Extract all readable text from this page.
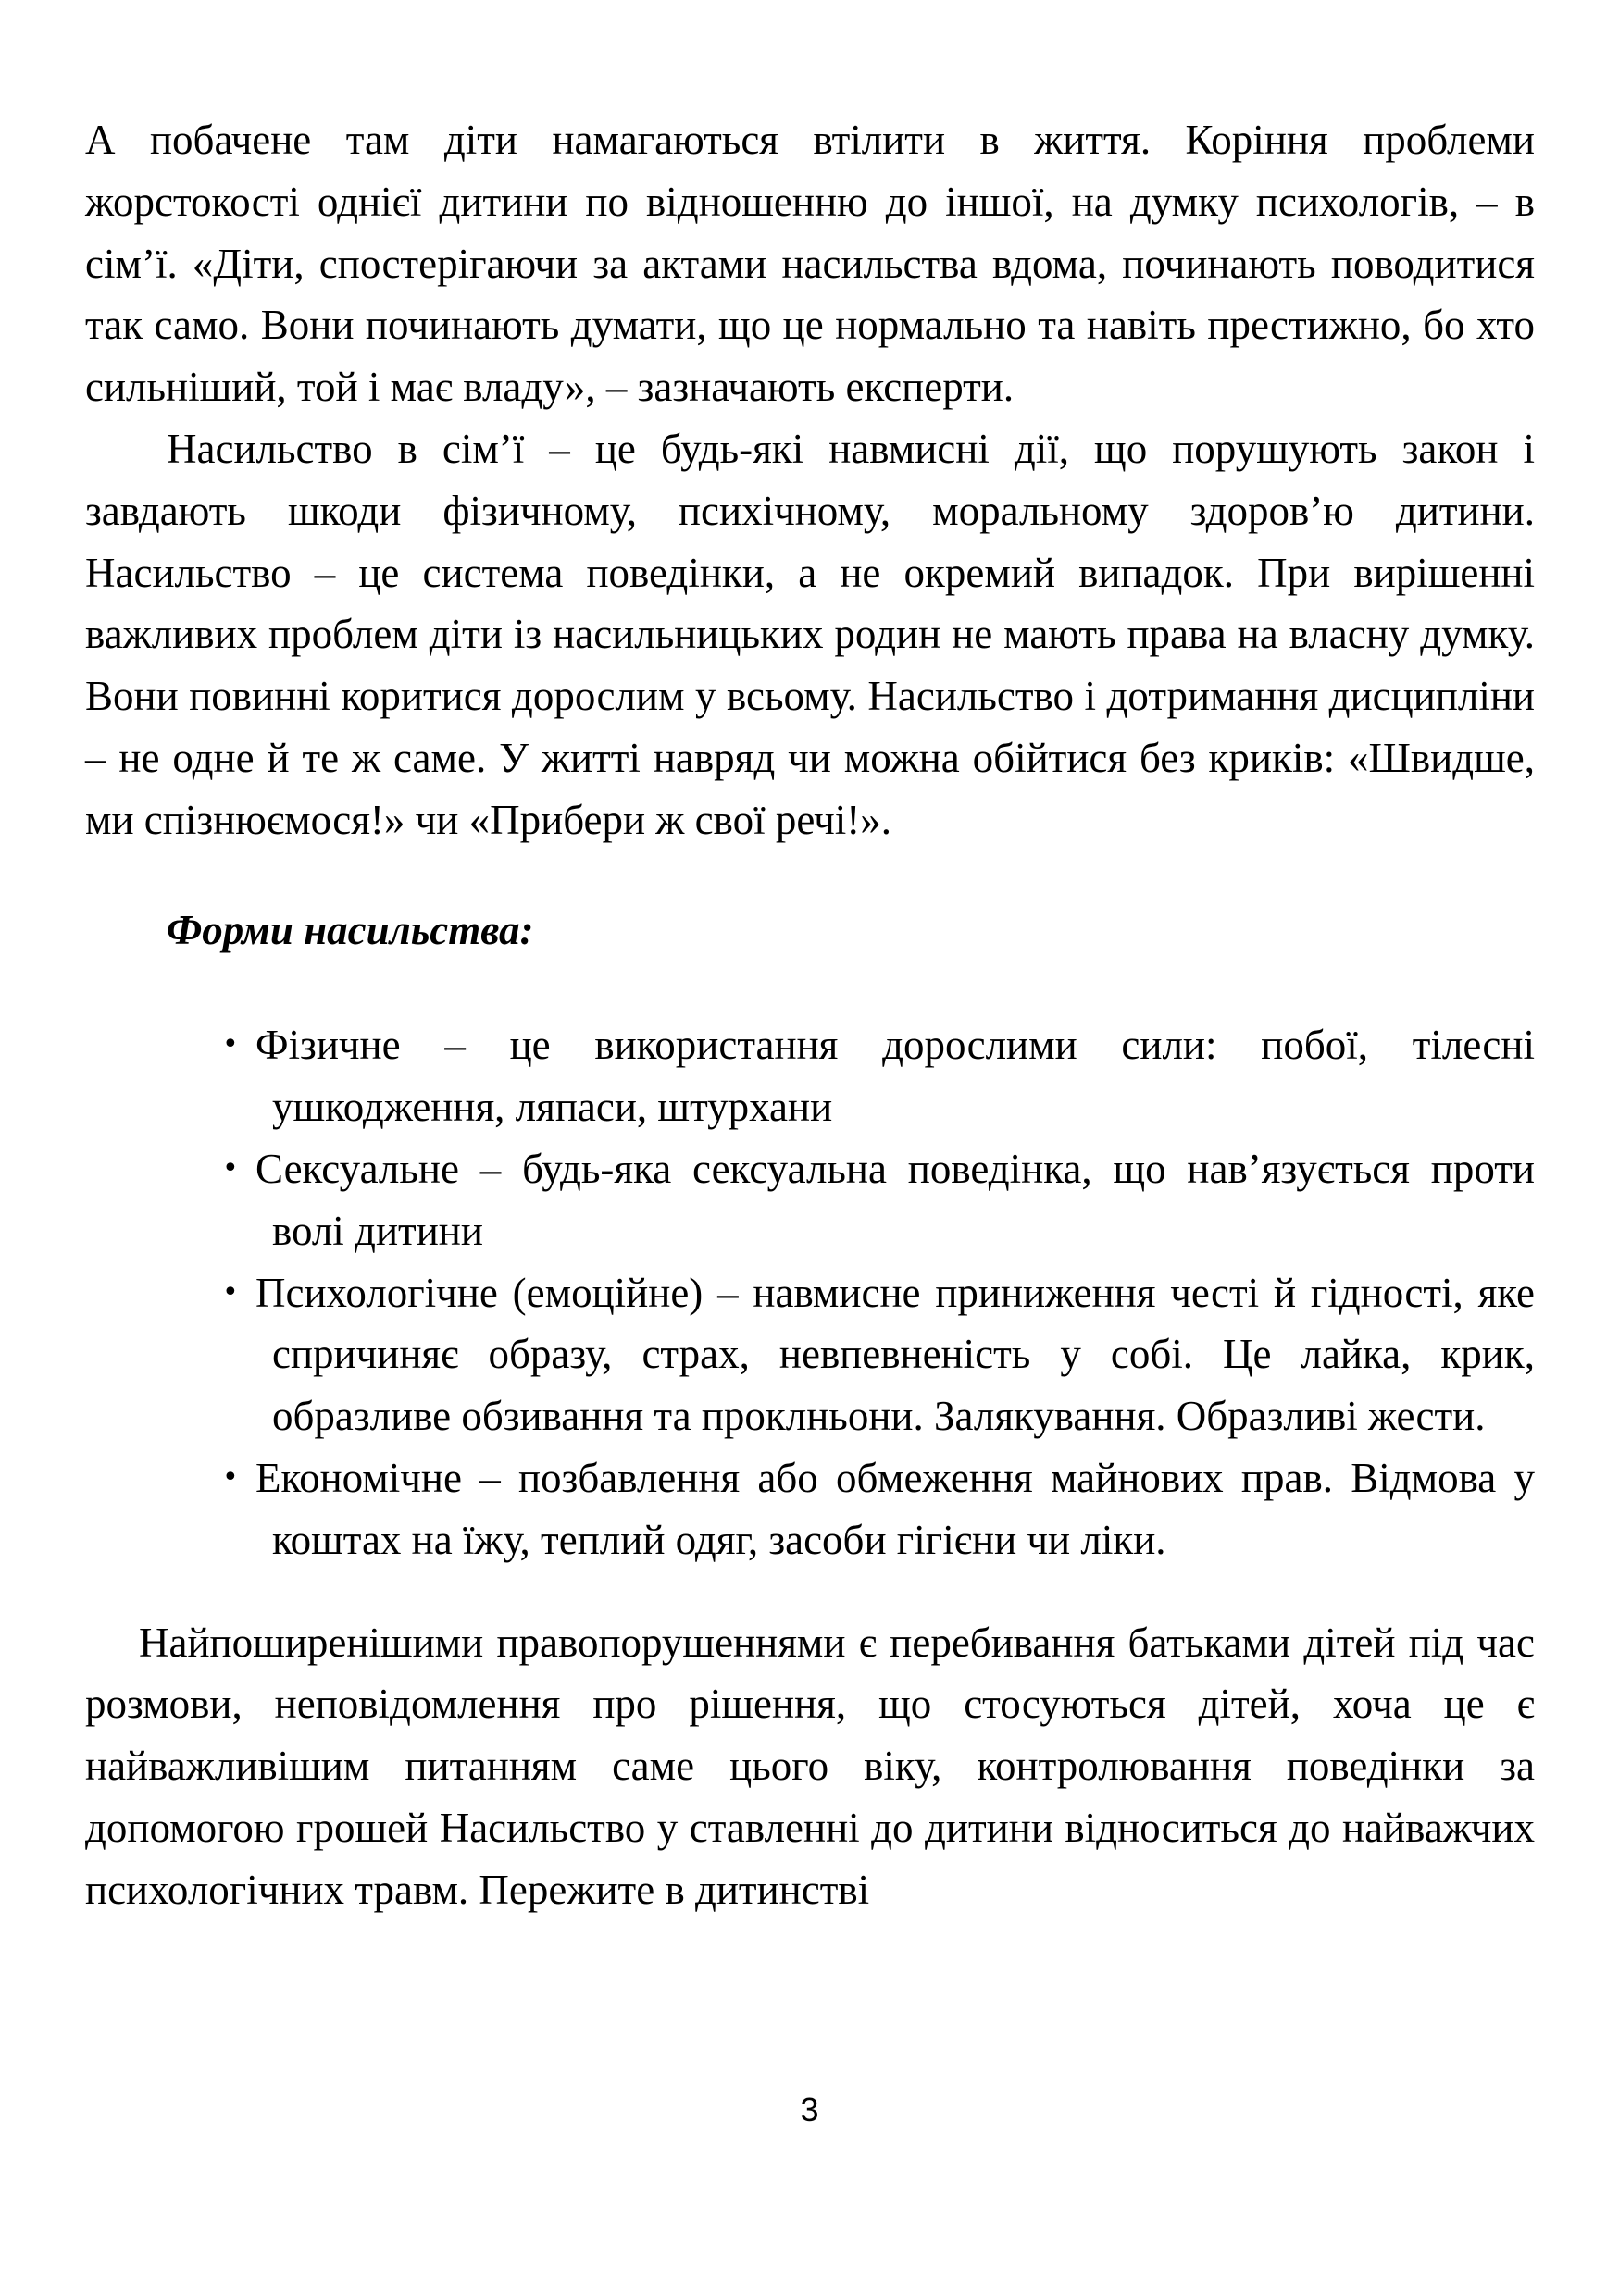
А побачене там діти намагаються втілити в життя. Коріння проблеми жорстокості однієї дитини по відношенню до іншої, на думку психологів, – в сім’ї. «Діти, спостерігаючи за актами насильства вдома, починають поводитися так само. Вони починають думати, що це нормально та навіть престижно, бо хто сильніший, той і має владу», – зазначають експерти.

Насильство в сім’ї – це будь-які навмисні дії, що порушують закон і завдають шкоди фізичному, психічному, моральному здоров’ю дитини. Насильство – це система поведінки, а не окремий випадок. При вирішенні важливих проблем діти із насильницьких родин не мають права на власну думку. Вони повинні коритися дорослим у всьому. Насильство і дотримання дисципліни – не одне й те ж саме. У житті навряд чи можна обійтися без криків: «Швидше, ми спізнюємося!» чи «Прибери ж свої речі!».

Форми насильства:

• Фізичне – це використання дорослими сили: побої, тілесні ушкодження, ляпаси, штурхани
• Сексуальне – будь-яка сексуальна поведінка, що нав’язується проти волі дитини
• Психологічне (емоційне) – навмисне приниження честі й гідності, яке спричиняє образу, страх, невпевненість у собі. Це лайка, крик, образливе обзивання та проклньони. Залякування. Образливі жести.
• Економічне – позбавлення або обмеження майнових прав. Відмова у коштах на їжу, теплий одяг, засоби гігієни чи ліки.

Найпоширенішими правопорушеннями є перебивання батьками дітей під час розмови, неповідомлення про рішення, що стосуються дітей, хоча це є найважливішим питанням саме цього віку, контролювання поведінки за допомогою грошей Насильство у ставленні до дитини відноситься до найважчих психологічних травм. Пережите в дитинстві

3
